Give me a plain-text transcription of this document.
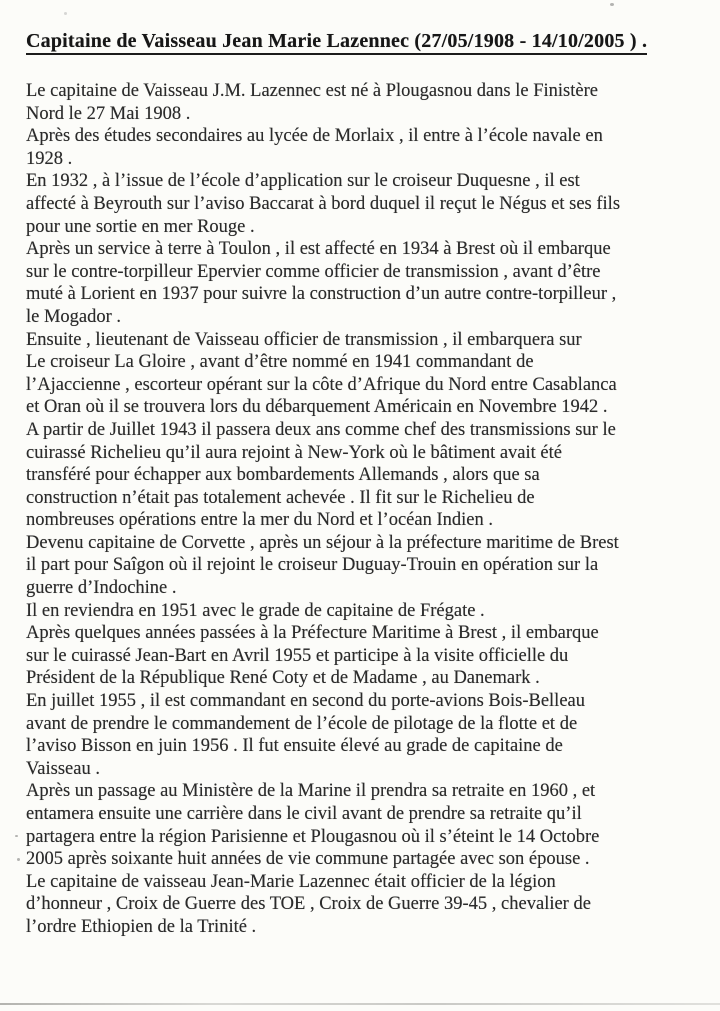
Capitaine de Vaisseau Jean Marie Lazennec (27/05/1908 - 14/10/2005 ) .

Le capitaine de Vaisseau J.M. Lazennec est né à Plougasnou dans le Finistère
Nord le 27 Mai 1908 .

Après des études secondaires au lycée de Morlaix , il entre à l’école navale en
1928 .

En 1932 , à l’issue de l’école d’application sur le croiseur Duquesne , il est
affecté à Beyrouth sur l’aviso Baccarat à bord duquel il reçut le Négus et ses fils
pour une sortie en mer Rouge .

Après un service à terre à Toulon , il est affecté en 1934 à Brest où il embarque
sur le contre-torpilleur Epervier comme officier de transmission , avant d’être
muté à Lorient en 1937 pour suivre la construction d’un autre contre-torpilleur ,
le Mogador .

Ensuite , lieutenant de Vaisseau officier de transmission , il embarquera sur
Le croiseur La Gloire , avant d’être nommé en 1941 commandant de
l’Ajaccienne , escorteur opérant sur la côte d’Afrique du Nord entre Casablanca
et Oran où il se trouvera lors du débarquement Américain en Novembre 1942 .

A partir de Juillet 1943 il passera deux ans comme chef des transmissions sur le
cuirassé Richelieu qu’il aura rejoint à New-York où le bâtiment avait été
transféré pour échapper aux bombardements Allemands , alors que sa
construction n’était pas totalement achevée . Il fit sur le Richelieu de
nombreuses opérations entre la mer du Nord et l’océan Indien .

Devenu capitaine de Corvette , après un séjour à la préfecture maritime de Brest
il part pour Saîgon où il rejoint le croiseur Duguay-Trouin en opération sur la
guerre d’Indochine .

Il en reviendra en 1951 avec le grade de capitaine de Frégate .

Après quelques années passées à la Préfecture Maritime à Brest , il embarque
sur le cuirassé Jean-Bart en Avril 1955 et participe à la visite officielle du
Président de la République René Coty et de Madame , au Danemark .

En juillet 1955 , il est commandant en second du porte-avions Bois-Belleau
avant de prendre le commandement de l’école de pilotage de la flotte et de
l’aviso Bisson en juin 1956 . Il fut ensuite élevé au grade de capitaine de
Vaisseau .

Après un passage au Ministère de la Marine il prendra sa retraite en 1960 , et
entamera ensuite une carrière dans le civil avant de prendre sa retraite qu’il
partagera entre la région Parisienne et Plougasnou où il s’éteint le 14 Octobre
2005 après soixante huit années de vie commune partagée avec son épouse .

Le capitaine de vaisseau Jean-Marie Lazennec était officier de la légion
d’honneur , Croix de Guerre des TOE , Croix de Guerre 39-45 , chevalier de
l’ordre Ethiopien de la Trinité .
